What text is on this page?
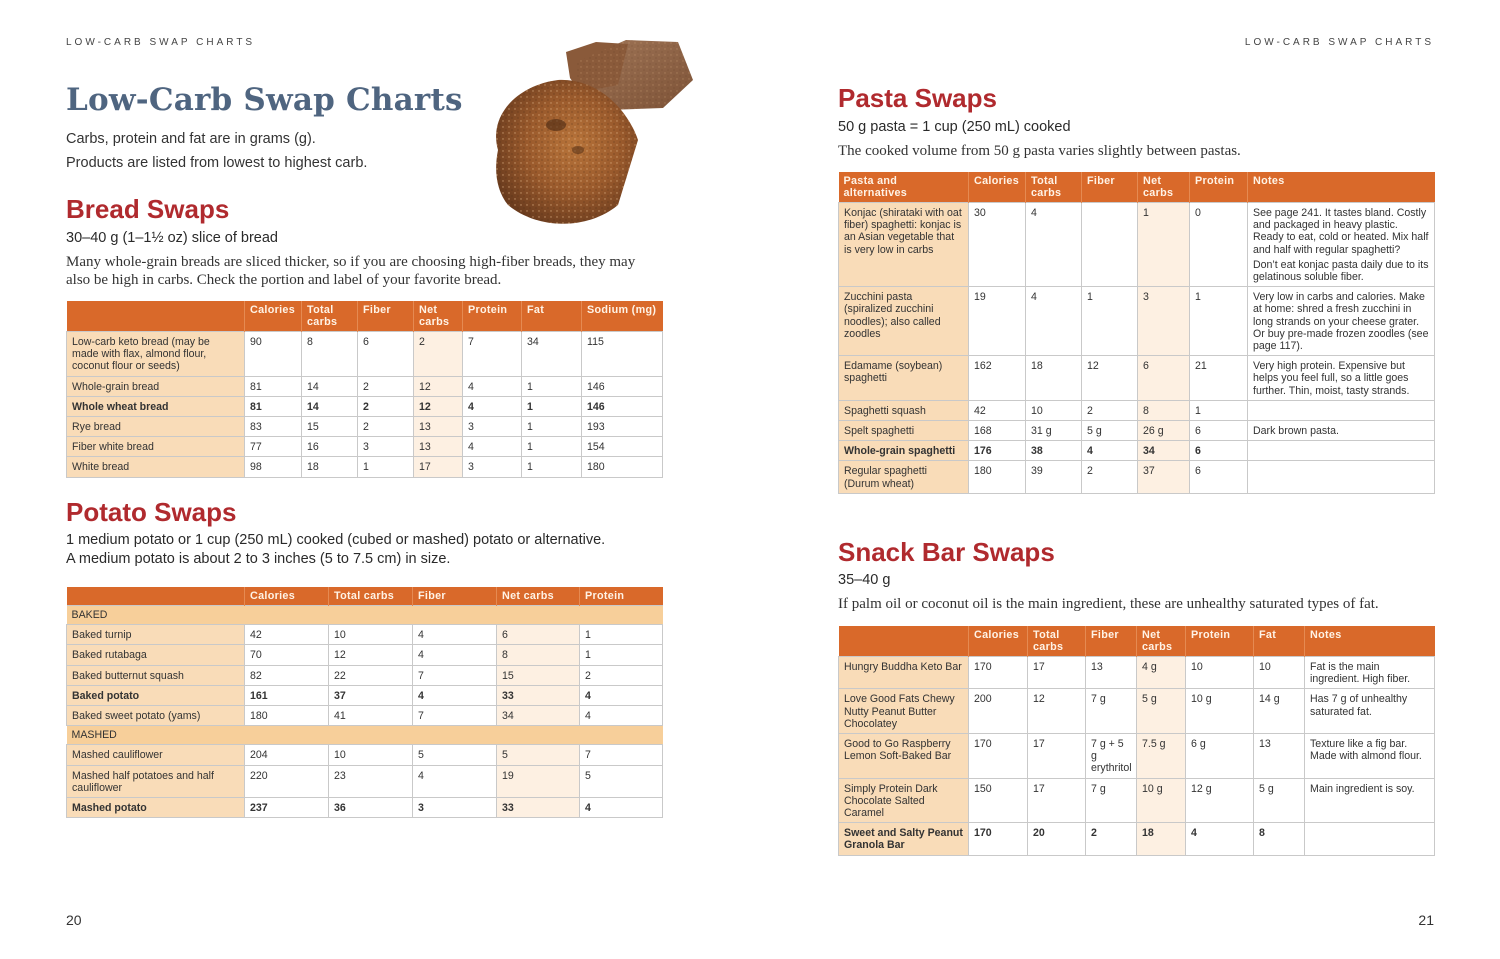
LOW-CARB SWAP CHARTS
Low-Carb Swap Charts
Carbs, protein and fat are in grams (g).
Products are listed from lowest to highest carb.
Bread Swaps
30–40 g (1–1½ oz) slice of bread
Many whole-grain breads are sliced thicker, so if you are choosing high-fiber breads, they may also be high in carbs. Check the portion and label of your favorite bread.
	Calories	Total carbs	Fiber	Net carbs	Protein	Fat	Sodium (mg)
Low-carb keto bread (may be made with flax, almond flour, coconut flour or seeds)	90	8	6	2	7	34	115
Whole-grain bread	81	14	2	12	4	1	146
Whole wheat bread	81	14	2	12	4	1	146
Rye bread	83	15	2	13	3	1	193
Fiber white bread	77	16	3	13	4	1	154
White bread	98	18	1	17	3	1	180
Potato Swaps
1 medium potato or 1 cup (250 mL) cooked (cubed or mashed) potato or alternative.
A medium potato is about 2 to 3 inches (5 to 7.5 cm) in size.
	Calories	Total carbs	Fiber	Net carbs	Protein
BAKED					
Baked turnip	42	10	4	6	1
Baked rutabaga	70	12	4	8	1
Baked butternut squash	82	22	7	15	2
Baked potato	161	37	4	33	4
Baked sweet potato (yams)	180	41	7	34	4
MASHED					
Mashed cauliflower	204	10	5	5	7
Mashed half potatoes and half cauliflower	220	23	4	19	5
Mashed potato	237	36	3	33	4
20
LOW-CARB SWAP CHARTS
Pasta Swaps
50 g pasta = 1 cup (250 mL) cooked
The cooked volume from 50 g pasta varies slightly between pastas.
Pasta and alternatives	Calories	Total carbs	Fiber	Net carbs	Protein	Notes
Konjac (shirataki with oat fiber) spaghetti: konjac is an Asian vegetable that is very low in carbs	30	4		1	0	See page 241. It tastes bland. Costly and packaged in heavy plastic. Ready to eat, cold or heated. Mix half and half with regular spaghetti?

Don’t eat konjac pasta daily due to its gelatinous soluble fiber.

Zucchini pasta (spiralized zucchini noodles); also called zoodles	19	4	1	3	1	Very low in carbs and calories. Make at home: shred a fresh zucchini in long strands on your cheese grater. Or buy pre-made frozen zoodles (see page 117).

Edamame (soybean) spaghetti	162	18	12	6	21	Very high protein. Expensive but helps you feel full, so a little goes further. Thin, moist, tasty strands.

Spaghetti squash	42	10	2	8	1	

Spelt spaghetti	168	31 g	5 g	26 g	6	Dark brown pasta.

Whole-grain spaghetti	176	38	4	34	6	

Regular spaghetti (Durum wheat)	180	39	2	37	6	

Snack Bar Swaps
35–40 g
If palm oil or coconut oil is the main ingredient, these are unhealthy saturated types of fat.
	Calories	Total carbs	Fiber	Net carbs	Protein	Fat	Notes
Hungry Buddha Keto Bar	170	17	13	4 g	10	10	Fat is the main ingredient. High fiber.
Love Good Fats Chewy Nutty Peanut Butter Chocolatey	200	12	7 g	5 g	10 g	14 g	Has 7 g of unhealthy saturated fat.
Good to Go Raspberry Lemon Soft-Baked Bar	170	17	7 g + 5 g erythritol	7.5 g	6 g	13	Texture like a fig bar. Made with almond flour.
Simply Protein Dark Chocolate Salted Caramel	150	17	7 g	10 g	12 g	5 g	Main ingredient is soy.
Sweet and Salty Peanut Granola Bar	170	20	2	18	4	8	
21
